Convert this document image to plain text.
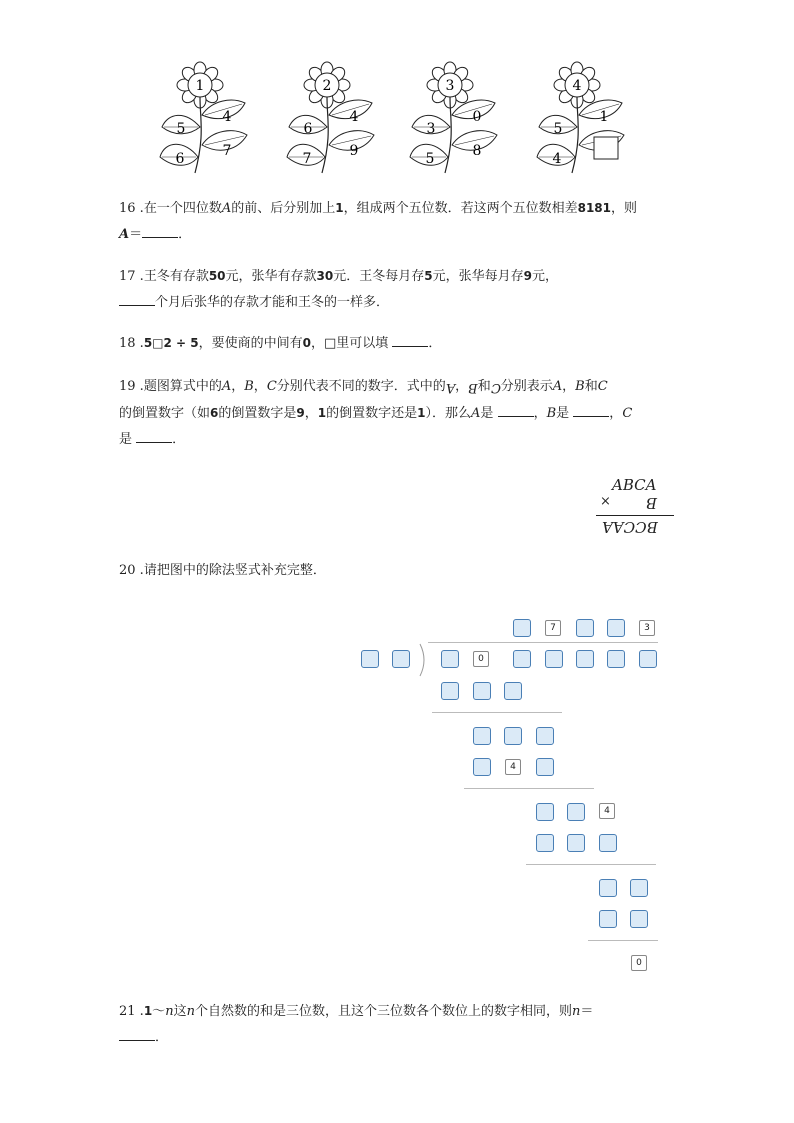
1
5
4
6	7
2
6
4
7	9
3
3
0
5	8
4
5
1
4
16 .在一个四位数A的前、后分别加上1，组成两个五位数．若这两个五位数相差8181，则
A＝	．
17 .王冬有存款50元，张华有存款30元．王冬每月存5元，张华每月存9元，
个月后张华的存款才能和王冬的一样多．
18 .5□2 ÷ 5，要使商的中间有0，□里可以填	．
19 .题图算式中的A，B，C分别代表不同的数字．式中的A，B和C分别表示A，B和C
的倒置数字（如6的倒置数字是9，1的倒置数字还是1）．那么A是	，B是	，C
是	．
ABCA
× B
BCCAA
20 .请把图中的除法竖式补充完整．
7	3
0
4
4
0
21 .1～n这n个自然数的和是三位数，且这个三位数各个数位上的数字相同，则n＝
．
